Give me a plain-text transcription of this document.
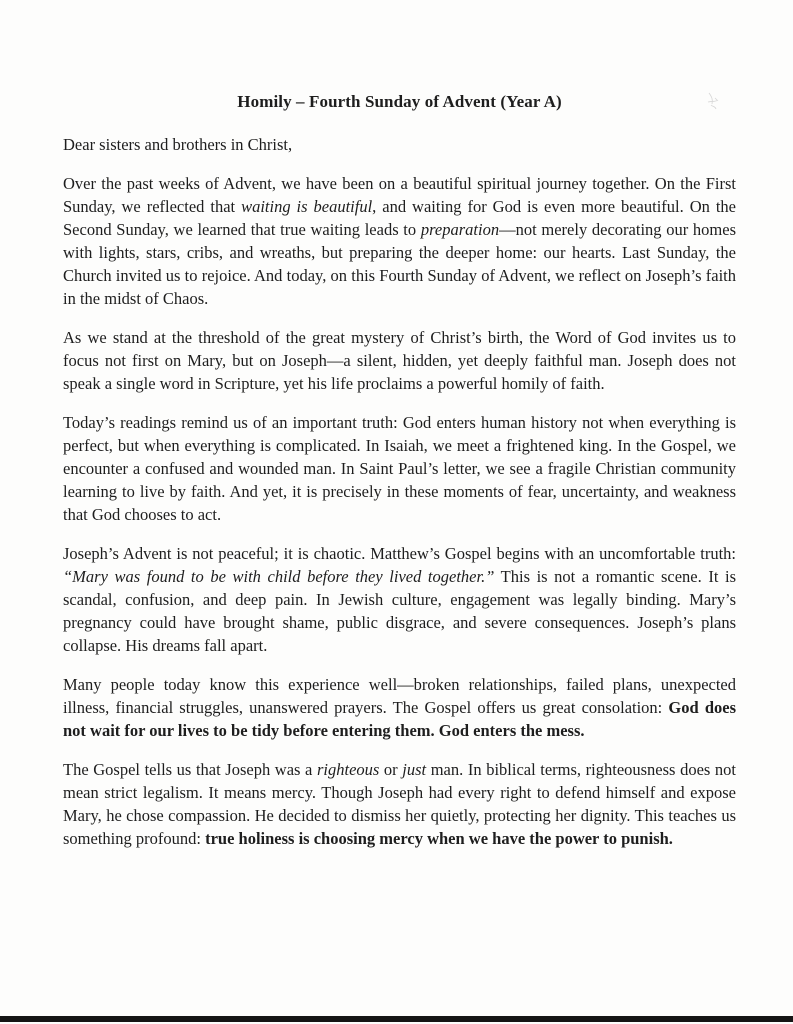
Homily – Fourth Sunday of Advent (Year A)

Dear sisters and brothers in Christ,

Over the past weeks of Advent, we have been on a beautiful spiritual journey together. On the First Sunday, we reflected that waiting is beautiful, and waiting for God is even more beautiful. On the Second Sunday, we learned that true waiting leads to preparation—not merely decorating our homes with lights, stars, cribs, and wreaths, but preparing the deeper home: our hearts. Last Sunday, the Church invited us to rejoice. And today, on this Fourth Sunday of Advent, we reflect on Joseph’s faith in the midst of Chaos.

As we stand at the threshold of the great mystery of Christ’s birth, the Word of God invites us to focus not first on Mary, but on Joseph—a silent, hidden, yet deeply faithful man. Joseph does not speak a single word in Scripture, yet his life proclaims a powerful homily of faith.

Today’s readings remind us of an important truth: God enters human history not when everything is perfect, but when everything is complicated. In Isaiah, we meet a frightened king. In the Gospel, we encounter a confused and wounded man. In Saint Paul’s letter, we see a fragile Christian community learning to live by faith. And yet, it is precisely in these moments of fear, uncertainty, and weakness that God chooses to act.

Joseph’s Advent is not peaceful; it is chaotic. Matthew’s Gospel begins with an uncomfortable truth: “Mary was found to be with child before they lived together.” This is not a romantic scene. It is scandal, confusion, and deep pain. In Jewish culture, engagement was legally binding. Mary’s pregnancy could have brought shame, public disgrace, and severe consequences. Joseph’s plans collapse. His dreams fall apart.

Many people today know this experience well—broken relationships, failed plans, unexpected illness, financial struggles, unanswered prayers. The Gospel offers us great consolation: God does not wait for our lives to be tidy before entering them. God enters the mess.

The Gospel tells us that Joseph was a righteous or just man. In biblical terms, righteousness does not mean strict legalism. It means mercy. Though Joseph had every right to defend himself and expose Mary, he chose compassion. He decided to dismiss her quietly, protecting her dignity. This teaches us something profound: true holiness is choosing mercy when we have the power to punish.
